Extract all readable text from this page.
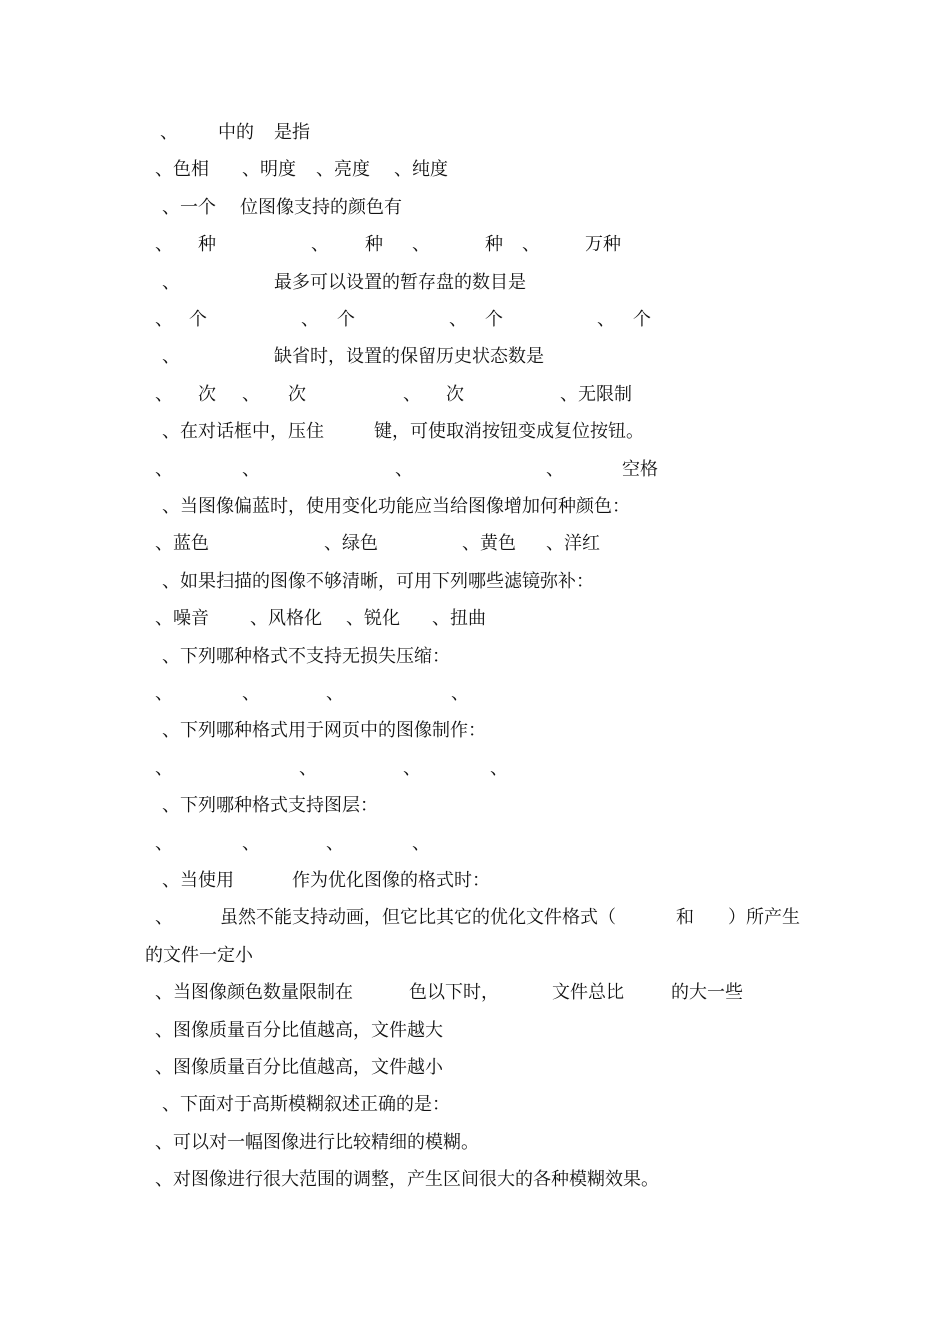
、 中的 是指
、色相 、明度 、亮度 、纯度
、一个 位图像支持的颜色有
、 种	、 种 、	种 、	万种
、	最多可以设置的暂存盘的数目是
、 个	、 个	、 个	、 个
、	缺省时，设置的保留历史状态数是
、 次 、 次	、 次	、无限制
、在对话框中，压住	键，可使取消按钮变成复位按钮。
、	、	、	、	空格
、当图像偏蓝时，使用变化功能应当给图像增加何种颜色：
、蓝色	、绿色	、黄色 、洋红
、如果扫描的图像不够清晰，可用下列哪些滤镜弥补：
、噪音 、风格化 、锐化 、扭曲
、下列哪种格式不支持无损失压缩：
、	、	、	、
、下列哪种格式用于网页中的图像制作：
、	、	、	、
、下列哪种格式支持图层：
、	、	、	、
、当使用	作为优化图像的格式时：
、	虽然不能支持动画，但它比其它的优化文件格式（	和 ）所产生
的文件一定小
、当图像颜色数量限制在	色以下时，	文件总比	的大一些
、图像质量百分比值越高，文件越大
、图像质量百分比值越高，文件越小
、下面对于高斯模糊叙述正确的是：
、可以对一幅图像进行比较精细的模糊。
、对图像进行很大范围的调整，产生区间很大的各种模糊效果。
